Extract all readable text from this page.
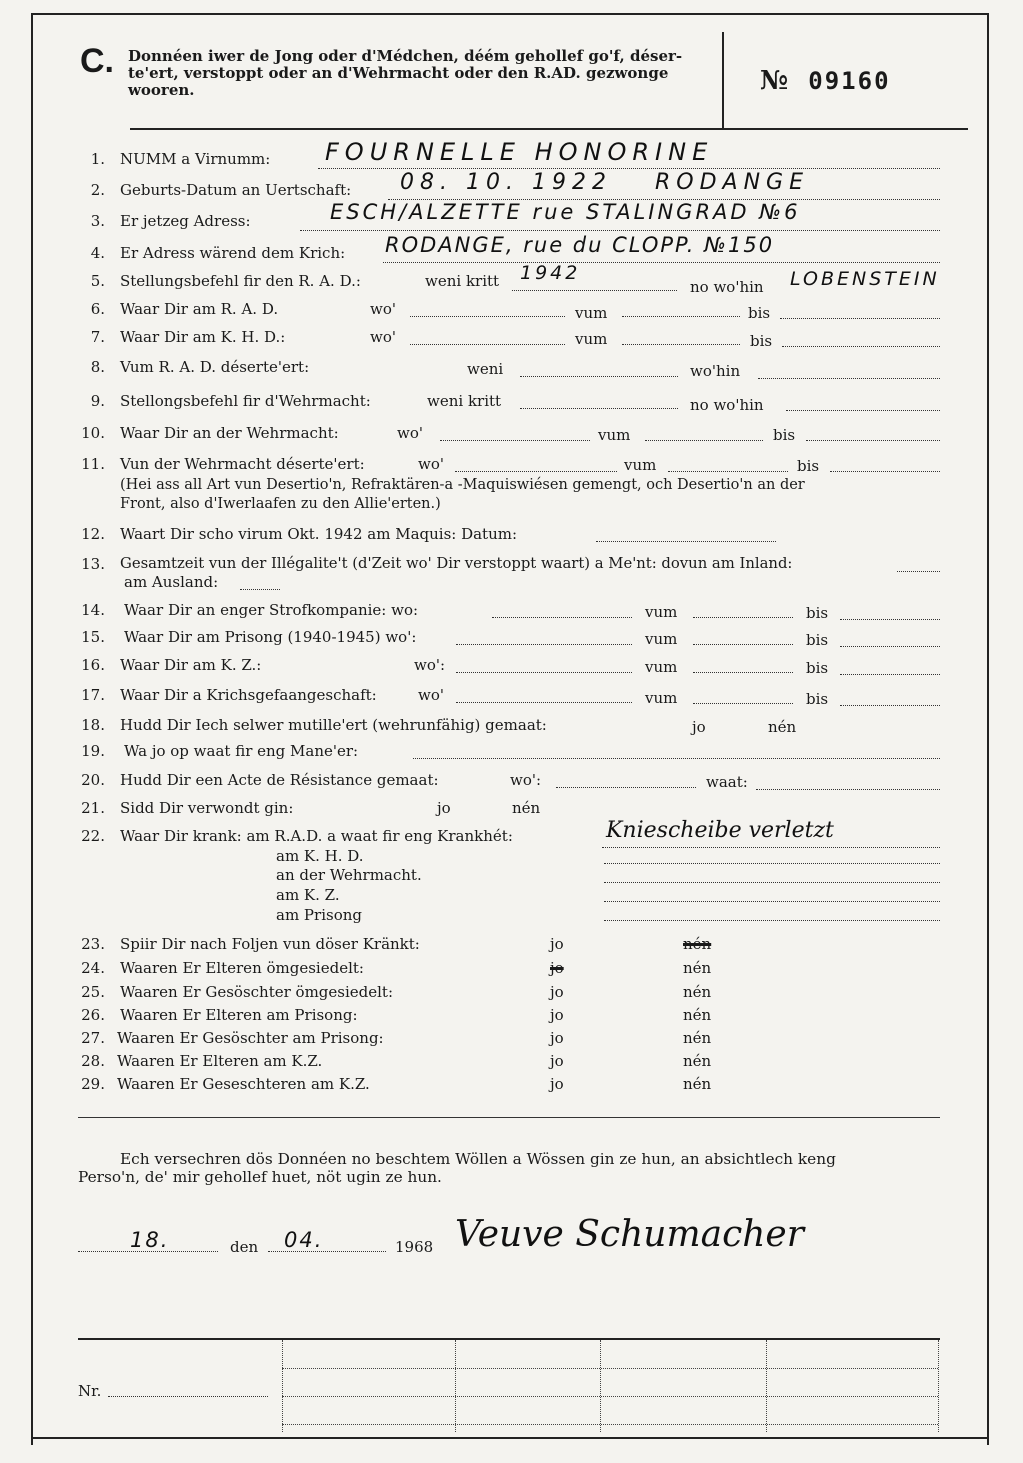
C. Donnéen iwer de Jong oder d'Médchen, déém gehollef go'f, déser-
te'ert, verstoppt oder an d'Wehrmacht oder den R.AD. gezwonge
wooren.	№ 09160
1. NUMM a Virnumm: FOURNELLE HONORINE
2. Geburts-Datum an Uertschaft: 08. 10. 1922 RODANGE
3. Er jetzeg Adress:	ESCH/ALZETTE rue STALINGRAD №6
4. Er Adress wärend dem Krich: RODANGE, rue du CLOPP. №150
5. Stellungsbefehl fir den R. A. D.:	weni kritt 1942
no wo'hin LOBENSTEIN
6. Waar Dir am R. A. D.	wo'	vum	bis
7. Waar Dir am K. H. D.:	wo'	vum	bis
8. Vum R. A. D. déserte'ert:	weni	wo'hin
9. Stellongsbefehl fir d'Wehrmacht:	weni kritt	no wo'hin
10. Waar Dir an der Wehrmacht:	wo'	vum	bis
11. Vun der Wehrmacht déserte'ert:	wo'	vum	bis
(Hei ass all Art vun Desertio'n, Refraktären-a -Maquiswiésen gemengt, och Desertio'n an der
Front, also d'Iwerlaafen zu den Allie'erten.)
12. Waart Dir scho virum Okt. 1942 am Maquis: Datum:
13. Gesamtzeit vun der Illégalite't (d'Zeit wo' Dir verstoppt waart) a Me'nt: dovun am Inland:
am Ausland:
14. Waar Dir an enger Strofkompanie: wo:	vum	bis
15. Waar Dir am Prisong (1940-1945) wo':	vum	bis
16. Waar Dir am K. Z.:	wo':	vum	bis
17. Waar Dir a Krichsgefaangeschaft:	wo'	vum	bis
18. Hudd Dir Iech selwer mutille'ert (wehrunfähig) gemaat:	jo	nén
19. Wa jo op waat fir eng Mane'er:
20. Hudd Dir een Acte de Résistance gemaat:	wo':	waat:
21. Sidd Dir verwondt gin:	jo	nén
22. Waar Dir krank: am R.A.D. a waat fir eng Krankhét:	Kniescheibe verletzt
am K. H. D.
an der Wehrmacht.
am K. Z.
am Prisong
23. Spiir Dir nach Foljen vun döser Kränkt:	jo	nén
24. Waaren Er Elteren ömgesiedelt:	jo	nén
25. Waaren Er Gesöschter ömgesiedelt:	jo	nén
26. Waaren Er Elteren am Prisong:	jo	nén
27. Waaren Er Gesöschter am Prisong:	jo	nén
28. Waaren Er Elteren am K.Z.	jo	nén
29. Waaren Er Geseschteren am K.Z.	jo	nén
Ech versechren dös Donnéen no beschtem Wöllen a Wössen gin ze hun, an absichtlech keng
Perso'n, de' mir gehollef huet, nöt ugin ze hun.
18.	den 04.	1968 Veuve Schumacher
Nr.
